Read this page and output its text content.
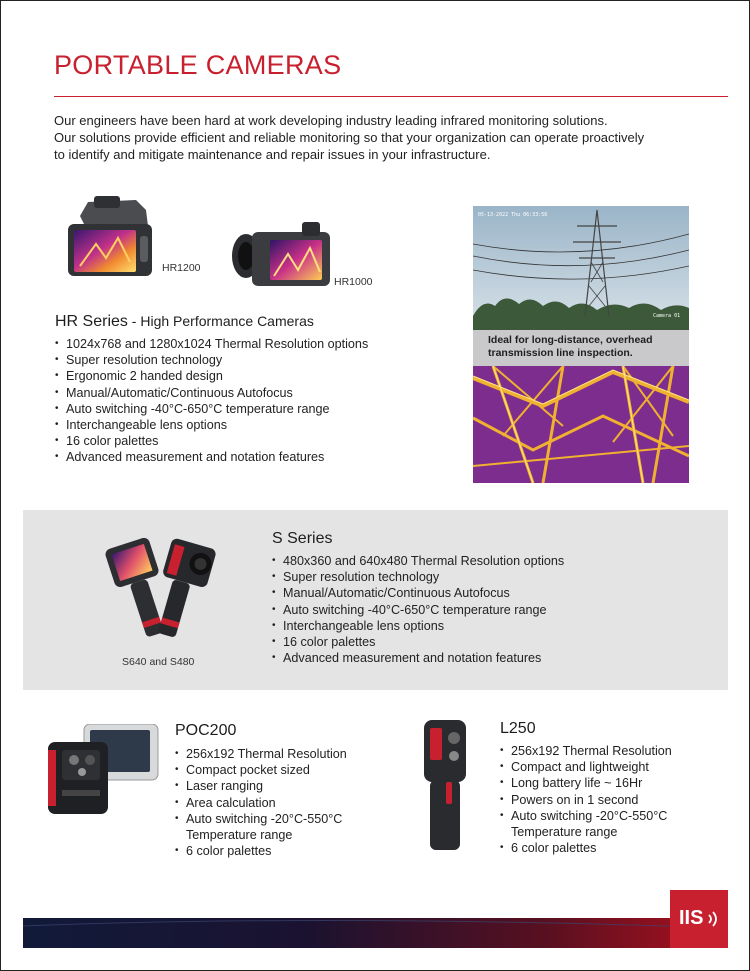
PORTABLE CAMERAS

Our engineers have been hard at work developing industry leading infrared monitoring solutions.

Our solutions provide efficient and reliable monitoring so that your organization can operate proactively

to identify and mitigate maintenance and repair issues in your infrastructure.

HR1200
HR1000
HR Series - High Performance Cameras
• 1024x768 and 1280x1024 Thermal Resolution options
• Super resolution technology
• Ergonomic 2 handed design
• Manual/Automatic/Continuous Autofocus
• Auto switching -40°C-650°C temperature range
• Interchangeable lens options
• 16 color palettes
• Advanced measurement and notation features
05-13-2022 Thu 06:33:56
Camera 01
Ideal for long-distance, overhead
transmission line inspection.
S640 and S480
S Series
• 480x360 and 640x480 Thermal Resolution options
• Super resolution technology
• Manual/Automatic/Continuous Autofocus
• Auto switching -40°C-650°C temperature range
• Interchangeable lens options
• 16 color palettes
• Advanced measurement and notation features
POC200
• 256x192 Thermal Resolution
• Compact pocket sized
• Laser ranging
• Area calculation
• Auto switching -20°C-550°C Temperature range
• 6 color palettes
L250
• 256x192 Thermal Resolution
• Compact and lightweight
• Long battery life ~ 16Hr
• Powers on in 1 second
• Auto switching -20°C-550°C Temperature range
• 6 color palettes
IIS
